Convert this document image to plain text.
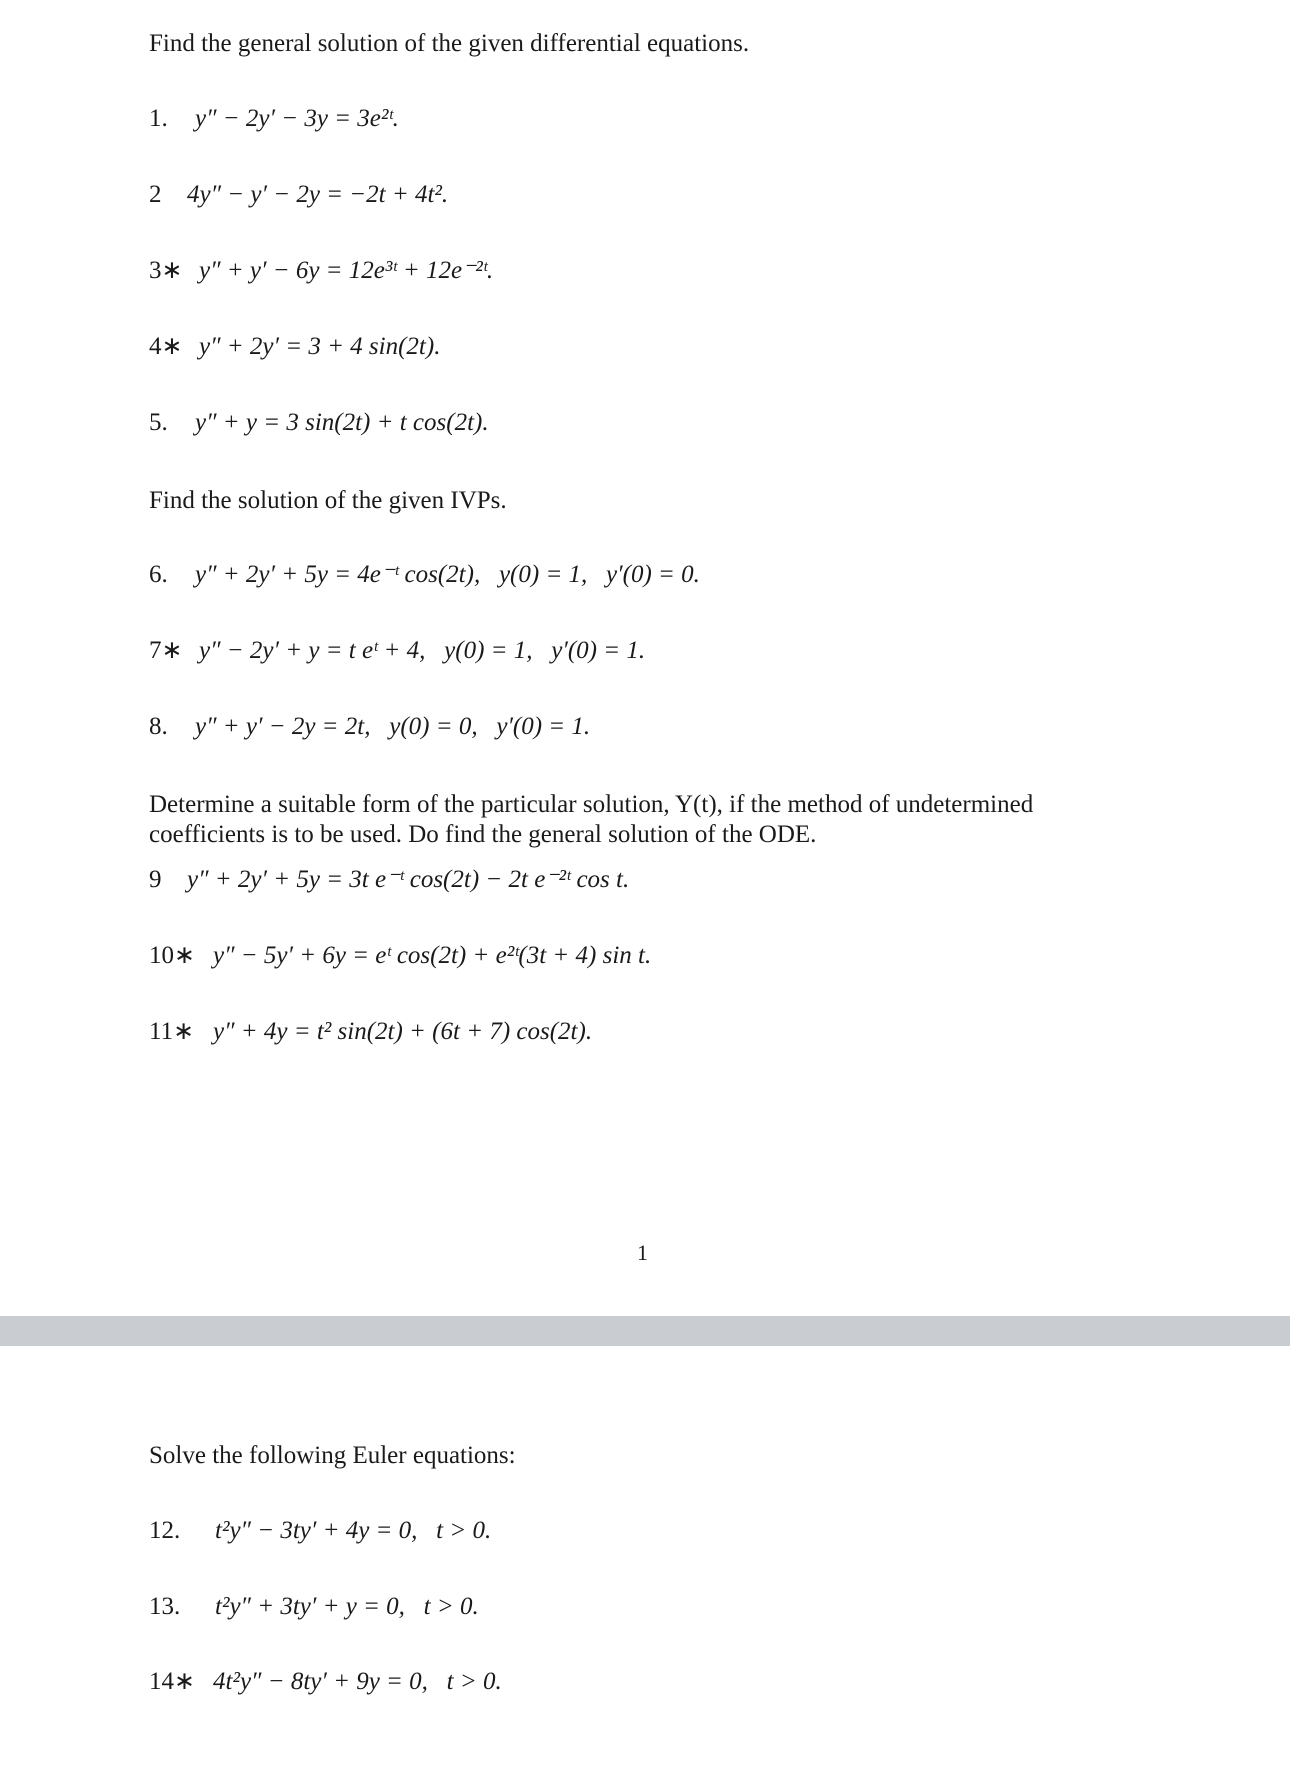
Find the general solution of the given differential equations.
1.	y″ − 2y′ − 3y = 3e²ᵗ.
2	4y″ − y′ − 2y = −2t + 4t².
3∗ y″ + y′ − 6y = 12e³ᵗ + 12e⁻²ᵗ.
4∗ y″ + 2y′ = 3 + 4 sin(2t).
5.	y″ + y = 3 sin(2t) + t cos(2t).
Find the solution of the given IVPs.
6.	y″ + 2y′ + 5y = 4e⁻ᵗ cos(2t),   y(0) = 1,   y′(0) = 0.
7∗ y″ − 2y′ + y = t eᵗ + 4,   y(0) = 1,   y′(0) = 1.
8.	y″ + y′ − 2y = 2t,   y(0) = 0,   y′(0) = 1.
Determine a suitable form of the particular solution, Y(t), if the method of undetermined coefficients is to be used. Do find the general solution of the ODE.
9	y″ + 2y′ + 5y = 3t e⁻ᵗ cos(2t) − 2t e⁻²ᵗ cos t.
10∗ y″ − 5y′ + 6y = eᵗ cos(2t) + e²ᵗ(3t + 4) sin t.
11∗ y″ + 4y = t² sin(2t) + (6t + 7) cos(2t).
1
Solve the following Euler equations:
12.	t²y″ − 3ty′ + 4y = 0,   t > 0.
13.	t²y″ + 3ty′ + y = 0,   t > 0.
14∗ 4t²y″ − 8ty′ + 9y = 0,   t > 0.
